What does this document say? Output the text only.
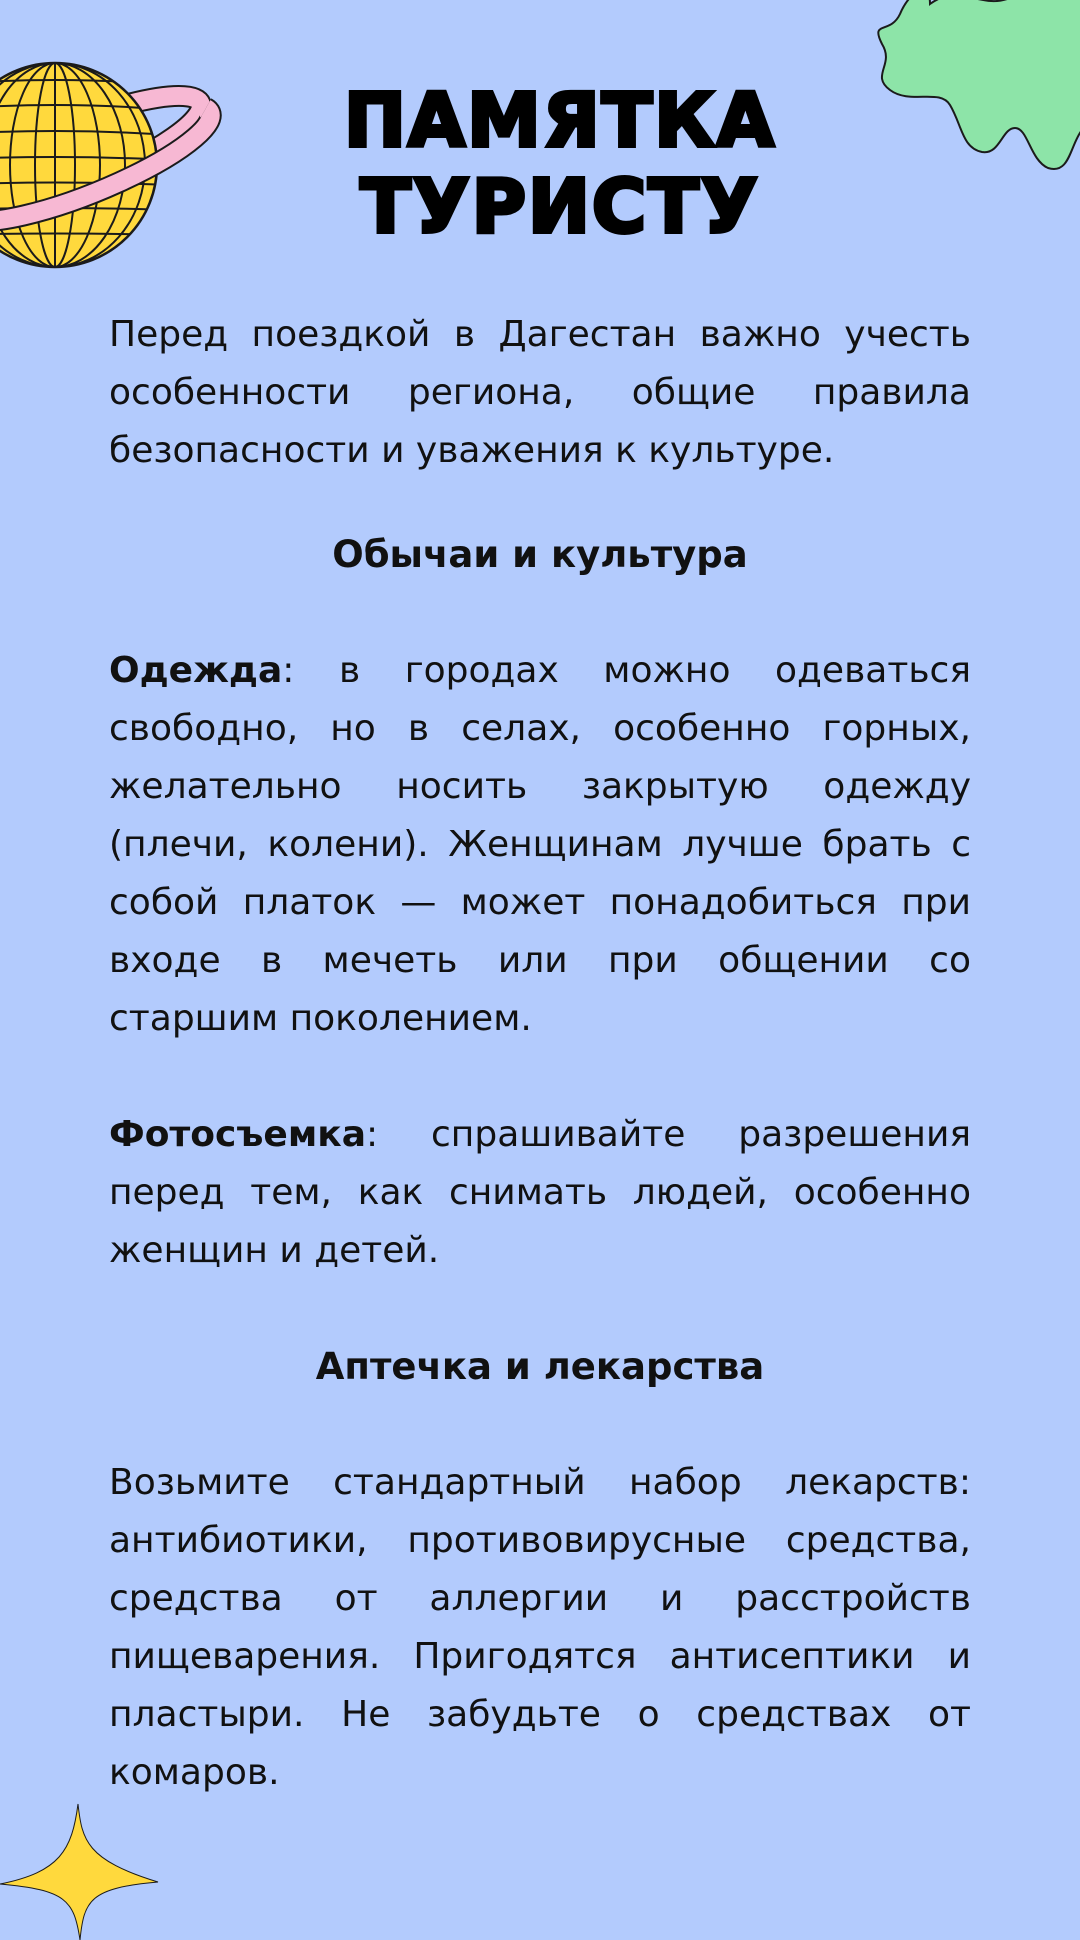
ПАМЯТКА
ТУРИСТУ

Перед поездкой в Дагестан важно учесть особенности региона, общие правила безопасности и уважения к культуре.

Обычаи и культура

Одежда: в городах можно одеваться свободно, но в селах, особенно горных, желательно носить закрытую одежду (плечи, колени). Женщинам лучше брать с собой платок — может понадобиться при входе в мечеть или при общении со старшим поколением.

Фотосъемка: спрашивайте разрешения перед тем, как снимать людей, особенно женщин и детей.

Аптечка и лекарства

Возьмите стандартный набор лекарств: антибиотики, противовирусные средства, средства от аллергии и расстройств пищеварения. Пригодятся антисептики и пластыри. Не забудьте о средствах от комаров.
